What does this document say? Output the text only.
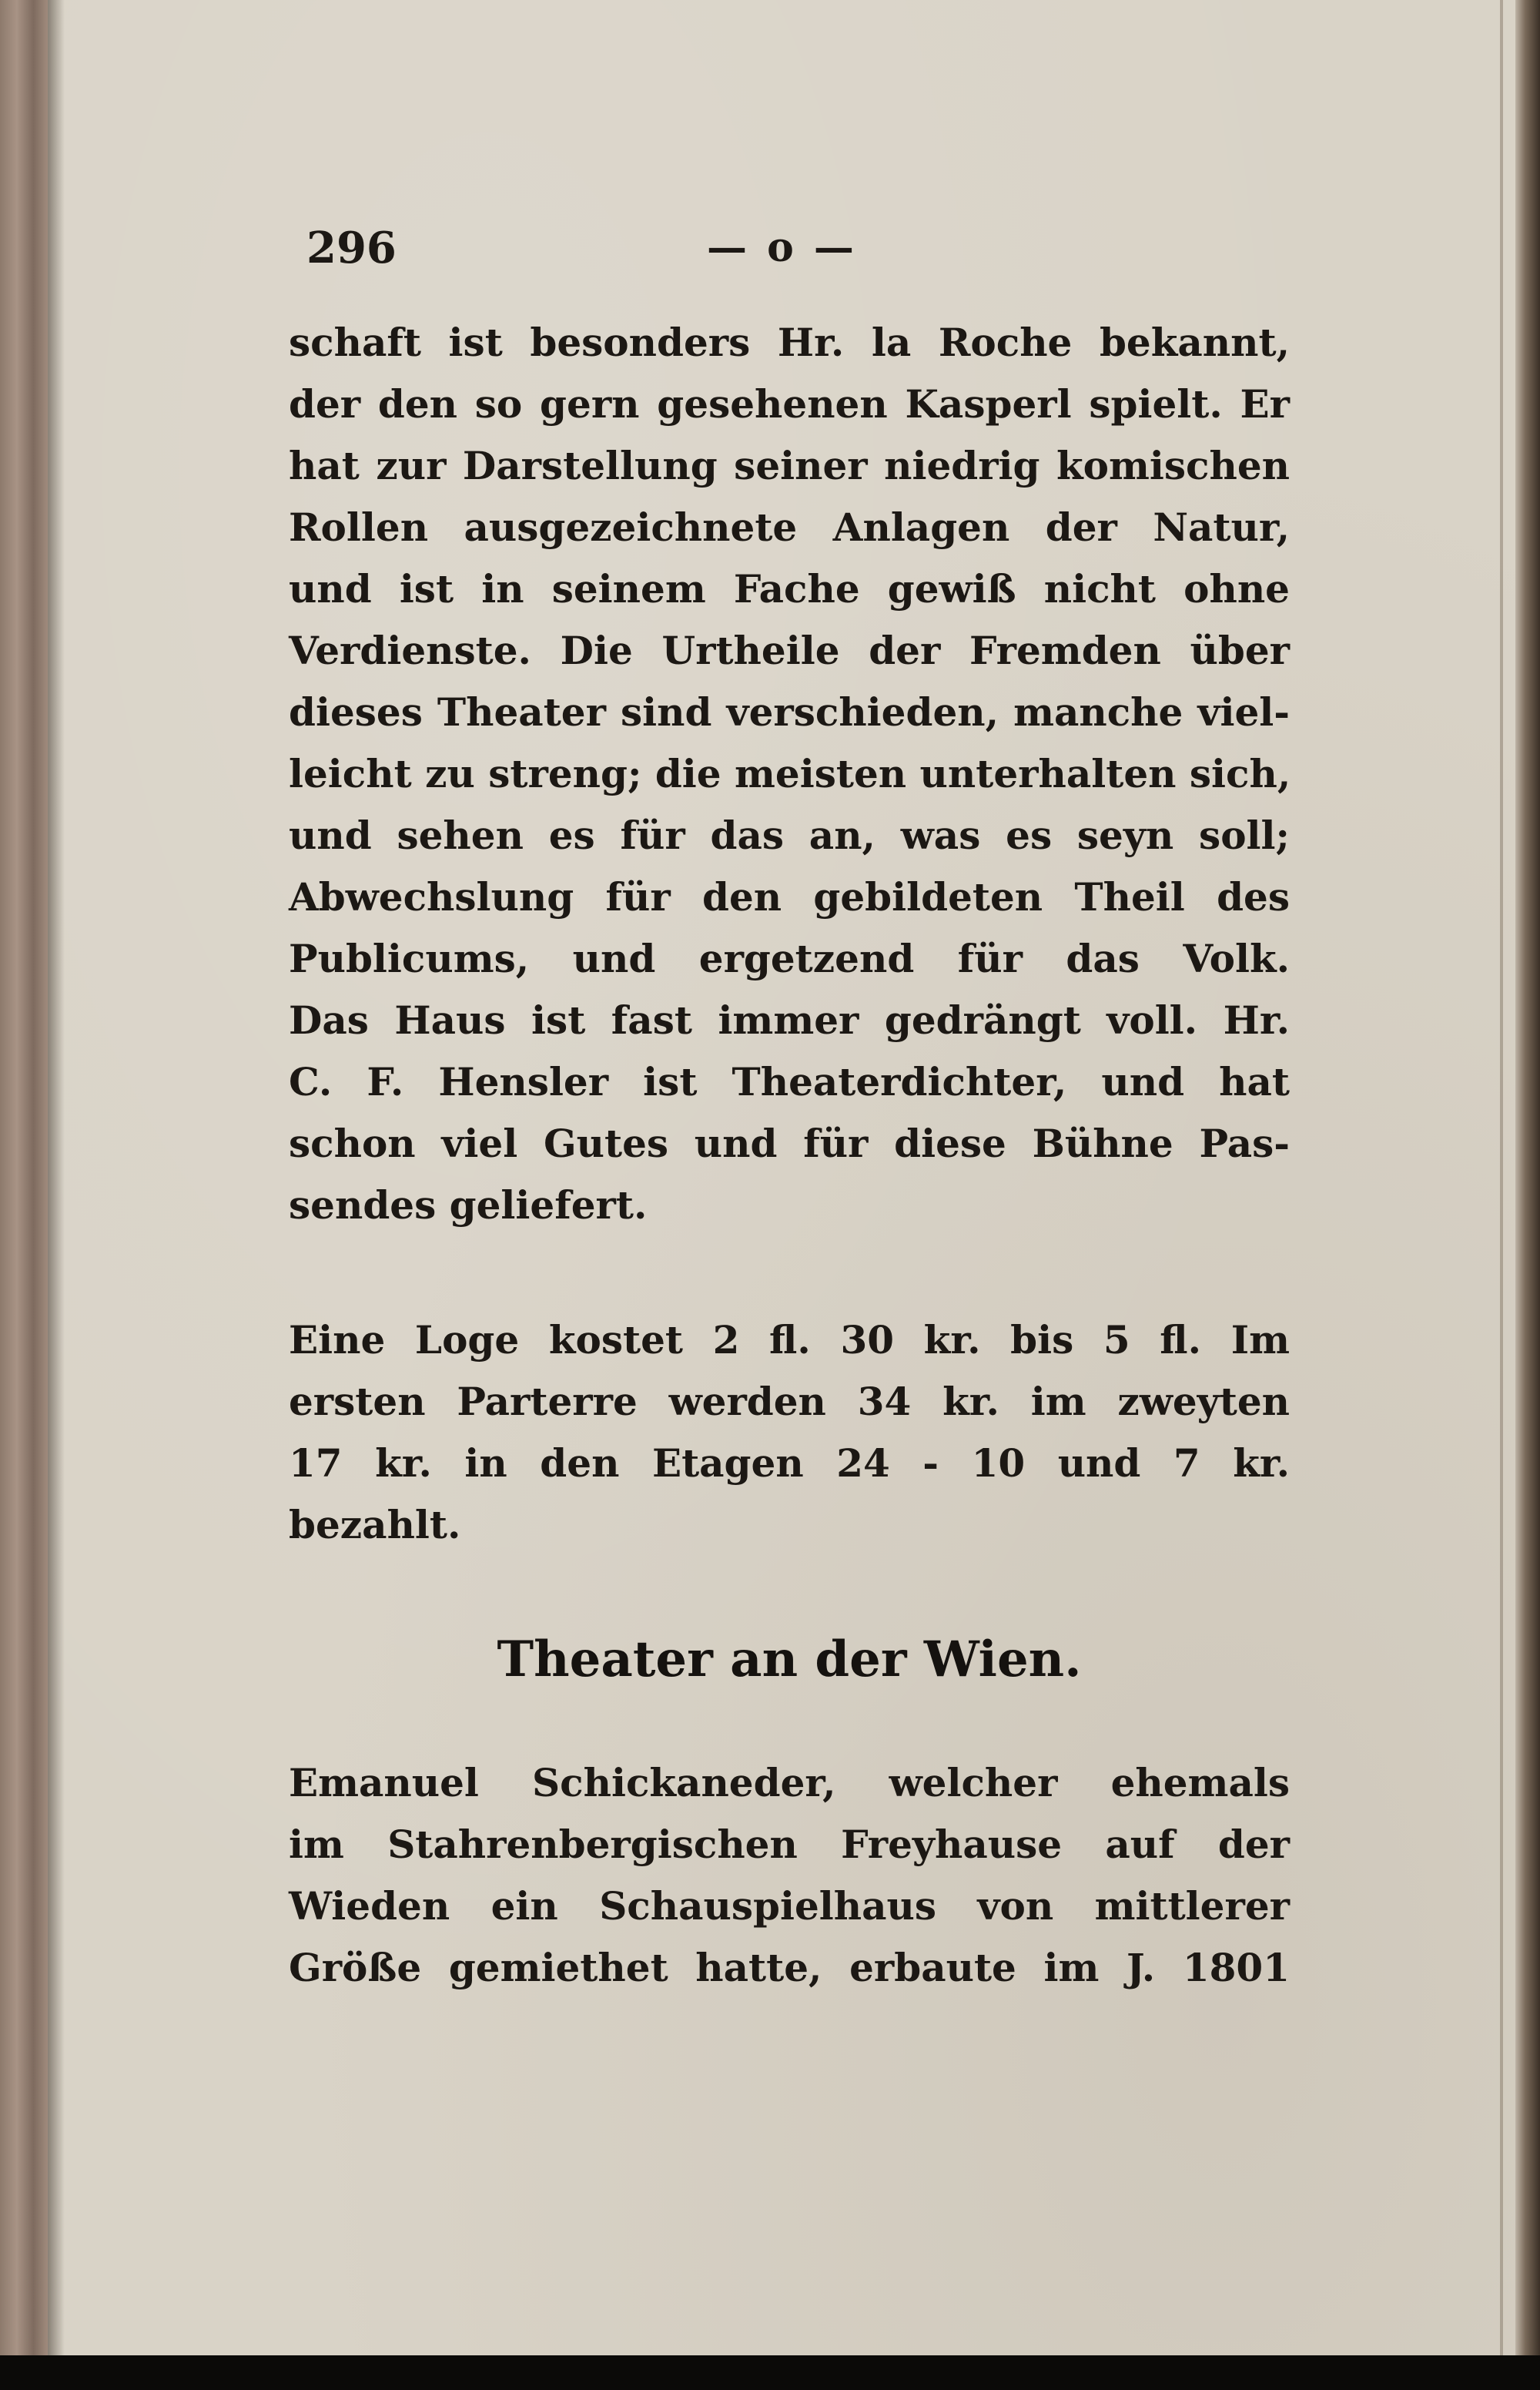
296	— o —
schaft ist besonders Hr. la Roche bekannt,
der den so gern gesehenen Kasperl spielt. Er
hat zur Darstellung seiner niedrig komischen
Rollen ausgezeichnete Anlagen der Natur,
und ist in seinem Fache gewiß nicht ohne
Verdienste. Die Urtheile der Fremden über
dieses Theater sind verschieden, manche viel-
leicht zu streng; die meisten unterhalten sich,
und sehen es für das an, was es seyn soll;
Abwechslung für den gebildeten Theil des
Publicums, und ergetzend für das Volk.
Das Haus ist fast immer gedrängt voll. Hr.
C. F. Hensler ist Theaterdichter, und hat
schon viel Gutes und für diese Bühne Pas-
sendes geliefert.
Eine Loge kostet 2 fl. 30 kr. bis 5 fl. Im
ersten Parterre werden 34 kr. im zweyten
17 kr. in den Etagen 24 - 10 und 7 kr.
bezahlt.
Theater an der Wien.
Emanuel Schickaneder, welcher ehemals
im Stahrenbergischen Freyhause auf der
Wieden ein Schauspielhaus von mittlerer
Größe gemiethet hatte, erbaute im J. 1801
